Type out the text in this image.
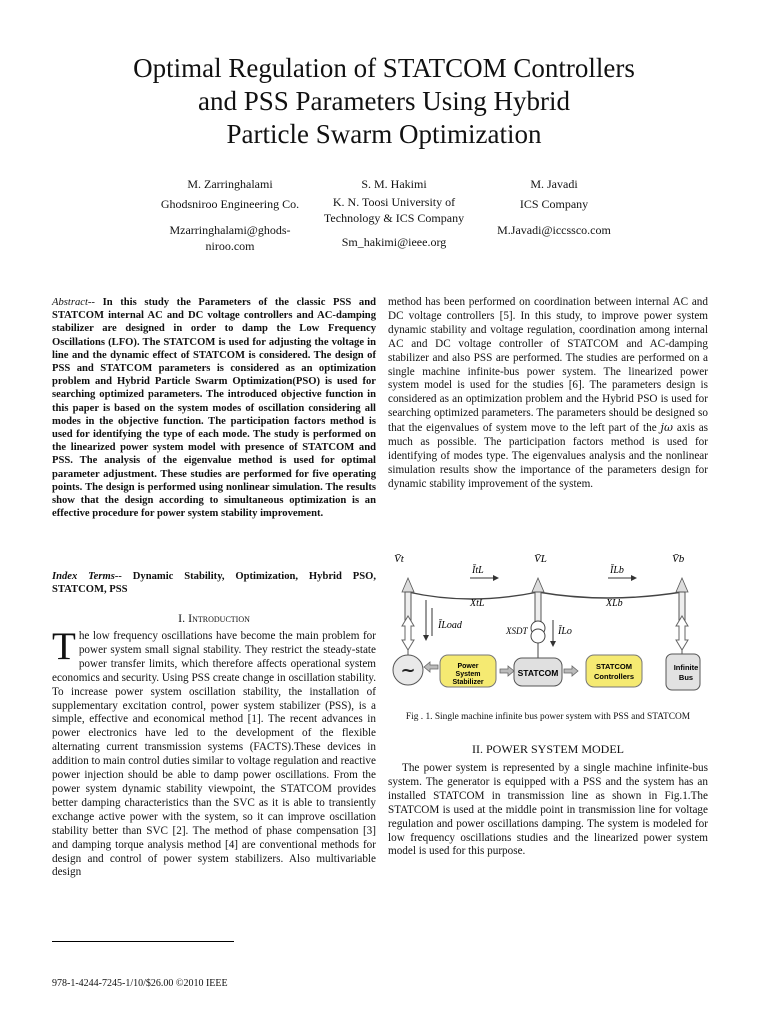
Optimal Regulation of STATCOM Controllers
and PSS Parameters Using Hybrid
Particle Swarm Optimization
M. Zarringhalami
Ghodsniroo Engineering Co.
Mzarringhalami@ghods-
niroo.com
S. M. Hakimi
K. N. Toosi University of
Technology & ICS Company
Sm_hakimi@ieee.org
M. Javadi
ICS Company
M.Javadi@iccssco.com
Abstract-- In this study the Parameters of the classic PSS and STATCOM internal AC and DC voltage controllers and AC-damping stabilizer are designed in order to damp the Low Frequency Oscillations (LFO). The STATCOM is used for adjusting the voltage in line and the dynamic effect of STATCOM is considered. The design of PSS and STATCOM parameters is considered as an optimization problem and Hybrid Particle Swarm Optimization(PSO) is used for searching optimized parameters. The introduced objective function in this paper is based on the system modes of oscillation considering all modes in the objective function. The participation factors method is used for identifying the type of each mode. The study is performed on the linearized power system model with presence of STATCOM and PSS. The analysis of the eigenvalue method is used for optimal parameter adjustment. These studies are performed for five operating points. The design is performed using nonlinear simulation. The results show that the design according to simultaneous optimization is an effective procedure for power system stability improvement.
Index Terms-- Dynamic Stability, Optimization, Hybrid PSO, STATCOM, PSS
I. Introduction
The low frequency oscillations have become the main problem for power system small signal stability. They restrict the steady-state power transfer limits, which therefore affects operational system economics and security. Using PSS create change in oscillation stability. To increase power system oscillation stability, the installation of supplementary excitation control, power system stabilizer (PSS), is a simple, effective and economical method [1]. The recent advances in power electronics have led to the development of the flexible alternating current transmission systems (FACTS).These devices in addition to main control duties similar to voltage regulation and reactive power injection should be able to damp power oscillations. From the power system dynamic stability viewpoint, the STATCOM provides better damping characteristics than the SVC as it is able to transiently exchange active power with the system, so it can improve oscillation stability better than SVC [2]. The method of phase compensation [3] and damping torque analysis method [4] are conventional methods for design and control of power system stabilizers. Also multivariable design
method has been performed on coordination between internal AC and DC voltage controllers [5]. In this study, to improve power system dynamic stability and voltage regulation, coordination among internal AC and DC voltage controller of STATCOM and AC-damping stabilizer and also PSS are performed. The studies are performed on a single machine infinite-bus power system. The linearized power system model is used for the studies [6]. The parameters design is considered as an optimization problem and the Hybrid PSO is used for searching optimized parameters. The parameters should be designed so that the eigenvalues of system move to the left part of the jω axis as much as possible. The participation factors method is used for identifying of modes type. The eigenvalues analysis and the nonlinear simulation results show the importance of the parameters design for dynamic stability improvement of the system.
~	Power
System
Stabilizer
STATCOM
STATCOM
Controllers
Infinite
Bus
V̄t	V̄L	V̄b
ĪtL	ĪLb
XtL	XLb
ĪLoad	XSDT	ĪLo
Fig . 1. Single machine infinite bus power system with PSS and STATCOM
II. POWER SYSTEM MODEL
The power system is represented by a single machine infinite-bus system. The generator is equipped with a PSS and the system has an installed STATCOM in transmission line as shown in Fig.1.The STATCOM is used at the middle point in transmission line for voltage regulation and power oscillations damping. The system is modeled for low frequency oscillations studies and the linearized power system model is used for this purpose.
978-1-4244-7245-1/10/$26.00 ©2010 IEEE
